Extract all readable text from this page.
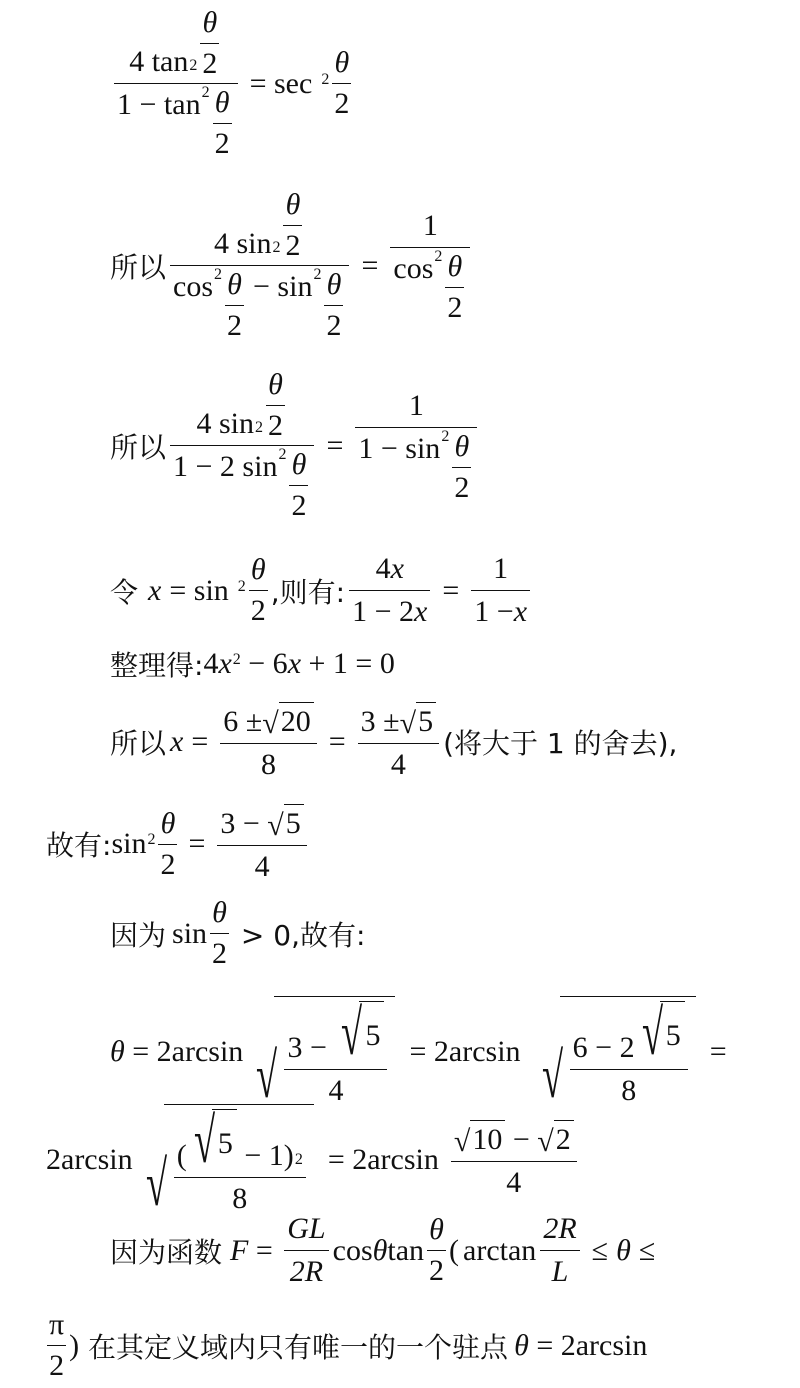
4 $\tan^2$
θ
2
$1 - \tan^2 \theta$
2 = sec $^2$ θ
2
所以 4 $\sin^2$
θ
2
$\cos^2 \theta$
2
− $\sin^2 \theta$
2 = 1
$\cos^2 \theta$
2
所以 4 $\sin^2$
θ
2
1 − 2 $\sin^2 \theta$
2 = 1
$1 - \sin^2 \theta$
2
令 x = sin $^2$ θ
2
,则有: $\frac{4 x}{1 - 2 x} = \frac{1}{1 - x}$
整理得: 4 $x^2 - 6$ x + 1 = 0
所以 $x = \frac{6 \pm √ 20}{8} = \frac{3 \pm √ 5}{4}$ (将大于 1 的舍去),
故有: $\sin^2 \frac{\theta}{2} = \frac{3 - √ 5}{4}$
因为 sin
θ
2
> 0,故有:
θ = 2arcsin √ $\frac{3 - √ 5}{4} = 2\arcsin$ √ $\frac{6 - 2 √ 5}{8}$ =
2arcsin √ $\frac{( √ 5 - 1)^2}{8} = 2\arcsin \frac{√ 10 - √ 2}{4}$
因为函数 $F = \frac{GL}{2R}$ cos θ tan
θ
2
( $\arctan \frac{2R}{L} \le \theta$ ≤
π
2
) 在其定义域内只有唯一的一个驻点 θ = 2arcsin
